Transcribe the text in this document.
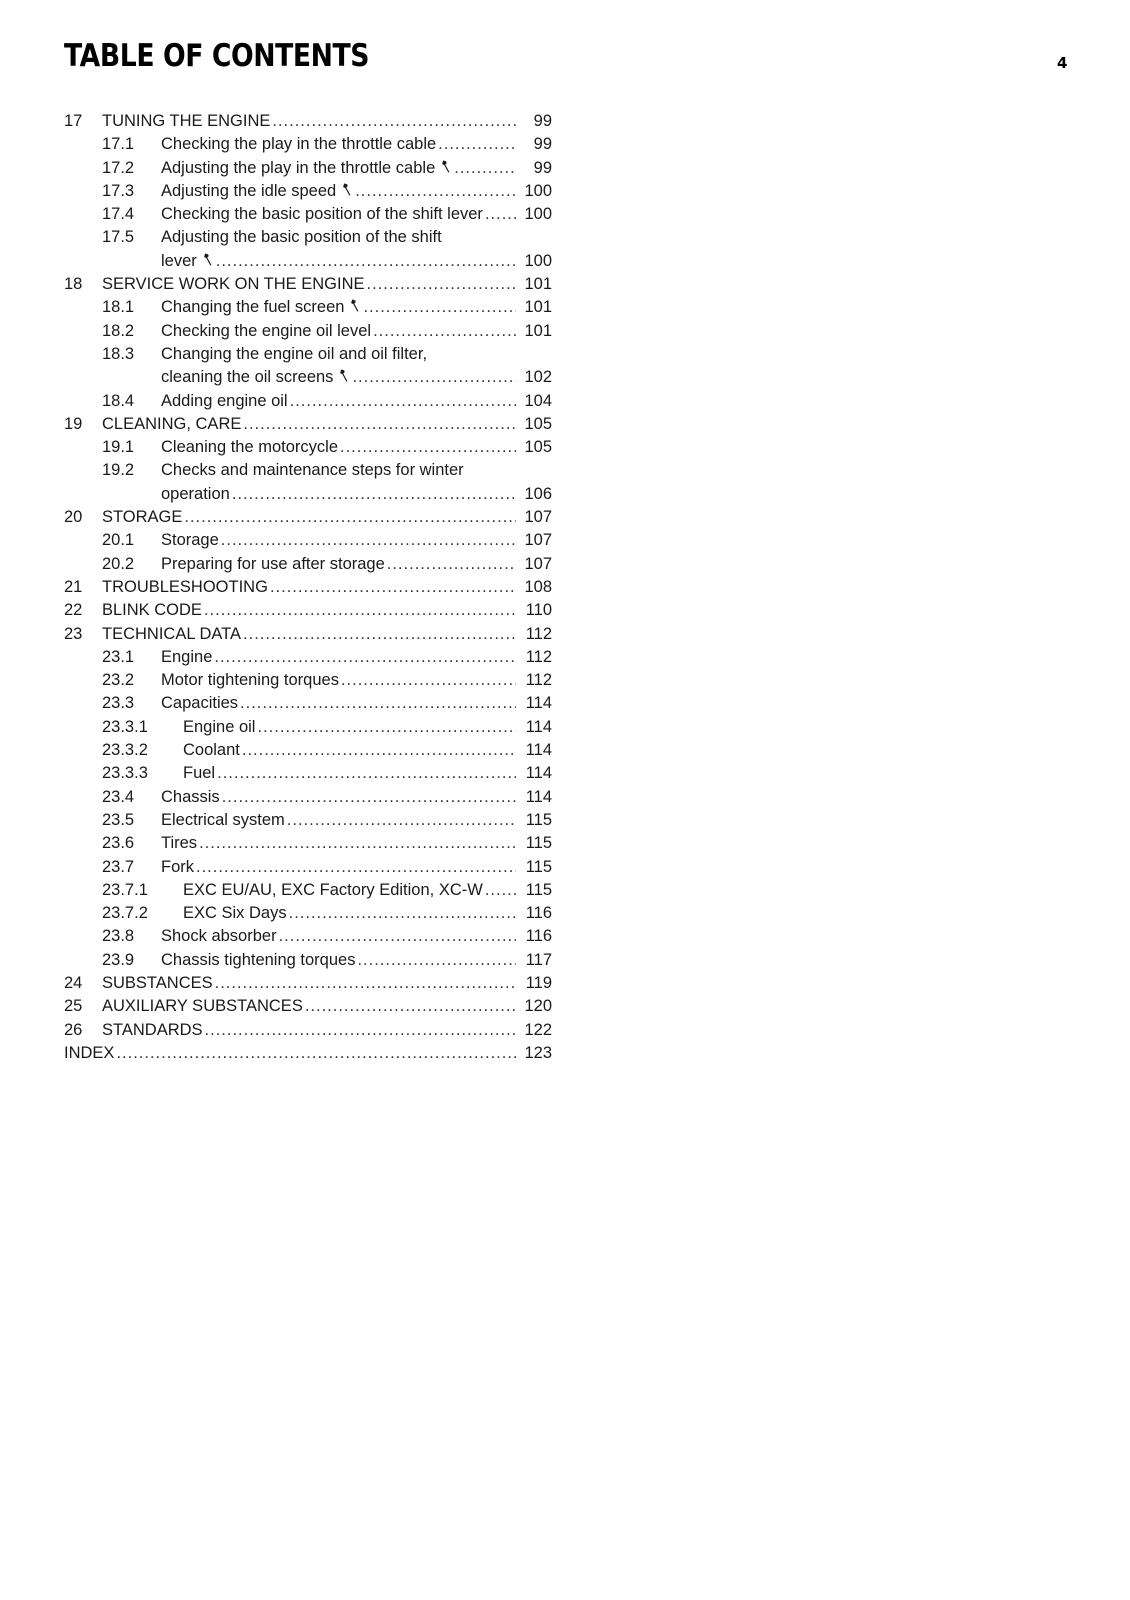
TABLE OF CONTENTS	4
17 TUNING THE ENGINE .....	99
17.1 Checking the play in the throttle cable .....	99
17.2 Adjusting the play in the throttle cable .....	99
17.3 Adjusting the idle speed .....	100
17.4 Checking the basic position of the shift lever .....	100
17.5 Adjusting the basic position of the shift
lever .....	100
18 SERVICE WORK ON THE ENGINE .....	101
18.1 Changing the fuel screen .....	101
18.2 Checking the engine oil level .....	101
18.3 Changing the engine oil and oil filter,
cleaning the oil screens .....	102
18.4 Adding engine oil .....	104
19 CLEANING, CARE .....	105
19.1 Cleaning the motorcycle .....	105
19.2 Checks and maintenance steps for winter
operation .....	106
20 STORAGE .....	107
20.1 Storage .....	107
20.2 Preparing for use after storage .....	107
21 TROUBLESHOOTING .....	108
22 BLINK CODE .....	110
23 TECHNICAL DATA .....	112
23.1 Engine .....	112
23.2 Motor tightening torques .....	112
23.3 Capacities .....	114
23.3.1 Engine oil .....	114
23.3.2 Coolant .....	114
23.3.3 Fuel .....	114
23.4 Chassis .....	114
23.5 Electrical system .....	115
23.6 Tires .....	115
23.7 Fork .....	115
23.7.1 EXC EU/AU, EXC Factory Edition, XC-W .....	115
23.7.2 EXC Six Days .....	116
23.8 Shock absorber .....	116
23.9 Chassis tightening torques .....	117
24 SUBSTANCES .....	119
25 AUXILIARY SUBSTANCES .....	120
26 STANDARDS .....	122
INDEX .....	123
